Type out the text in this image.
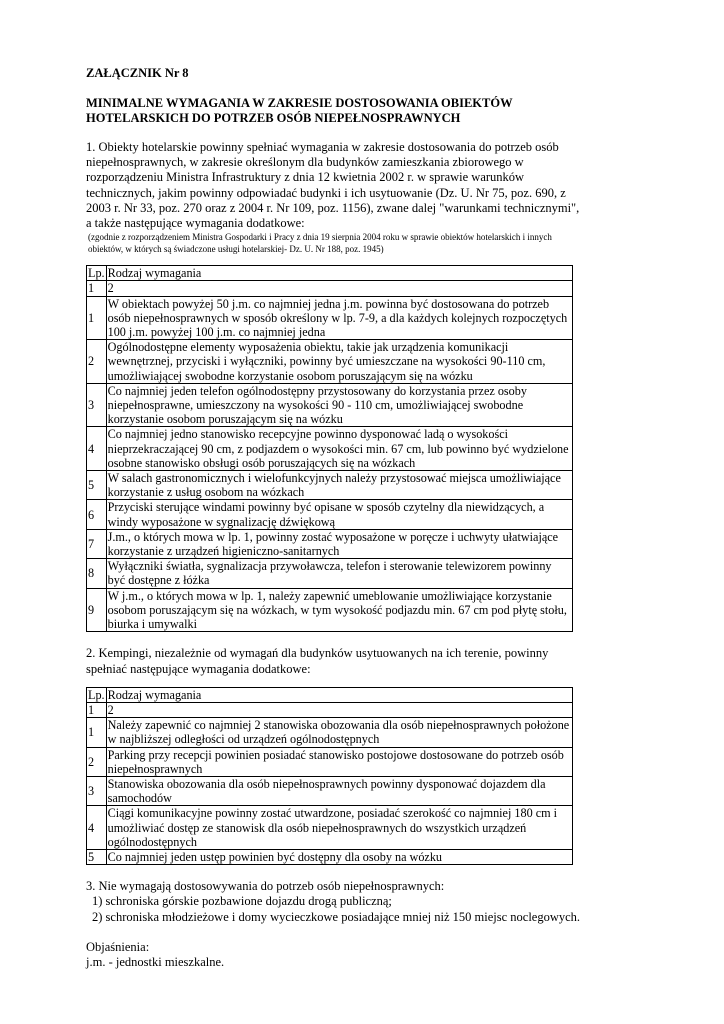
ZAŁĄCZNIK Nr 8

MINIMALNE WYMAGANIA W ZAKRESIE DOSTOSOWANIA OBIEKTÓW HOTELARSKICH DO POTRZEB OSÓB NIEPEŁNOSPRAWNYCH

1. Obiekty hotelarskie powinny spełniać wymagania w zakresie dostosowania do potrzeb osób niepełnosprawnych, w zakresie określonym dla budynków zamieszkania zbiorowego w rozporządzeniu Ministra Infrastruktury z dnia 12 kwietnia 2002 r. w sprawie warunków technicznych, jakim powinny odpowiadać budynki i ich usytuowanie (Dz. U. Nr 75, poz. 690, z 2003 r. Nr 33, poz. 270 oraz z 2004 r. Nr 109, poz. 1156), zwane dalej "warunkami technicznymi", a także następujące wymagania dodatkowe:

(zgodnie z rozporządzeniem Ministra Gospodarki i Pracy z dnia 19 sierpnia 2004 roku w sprawie obiektów hotelarskich i innych obiektów, w których są świadczone usługi hotelarskiej- Dz. U. Nr 188, poz. 1945)

Lp.	Rodzaj wymagania
1	2
1	W obiektach powyżej 50 j.m. co najmniej jedna j.m. powinna być dostosowana do potrzeb osób niepełnosprawnych w sposób określony w lp. 7-9, a dla każdych kolejnych rozpoczętych 100 j.m. powyżej 100 j.m. co najmniej jedna
2	Ogólnodostępne elementy wyposażenia obiektu, takie jak urządzenia komunikacji wewnętrznej, przyciski i wyłączniki, powinny być umieszczane na wysokości 90-110 cm, umożliwiającej swobodne korzystanie osobom poruszającym się na wózku
3	Co najmniej jeden telefon ogólnodostępny przystosowany do korzystania przez osoby niepełnosprawne, umieszczony na wysokości 90 - 110 cm, umożliwiającej swobodne korzystanie osobom poruszającym się na wózku
4	Co najmniej jedno stanowisko recepcyjne powinno dysponować ladą o wysokości nieprzekraczającej 90 cm, z podjazdem o wysokości min. 67 cm, lub powinno być wydzielone osobne stanowisko obsługi osób poruszających się na wózkach
5	W salach gastronomicznych i wielofunkcyjnych należy przystosować miejsca umożliwiające korzystanie z usług osobom na wózkach
6	Przyciski sterujące windami powinny być opisane w sposób czytelny dla niewidzących, a windy wyposażone w sygnalizację dźwiękową
7	J.m., o których mowa w lp. 1, powinny zostać wyposażone w poręcze i uchwyty ułatwiające korzystanie z urządzeń higieniczno-sanitarnych
8	Wyłączniki światła, sygnalizacja przywoławcza, telefon i sterowanie telewizorem powinny być dostępne z łóżka
9	W j.m., o których mowa w lp. 1, należy zapewnić umeblowanie umożliwiające korzystanie osobom poruszającym się na wózkach, w tym wysokość podjazdu min. 67 cm pod płytę stołu, biurka i umywalki

2. Kempingi, niezależnie od wymagań dla budynków usytuowanych na ich terenie, powinny spełniać następujące wymagania dodatkowe:

Lp.	Rodzaj wymagania
1	2
1	Należy zapewnić co najmniej 2 stanowiska obozowania dla osób niepełnosprawnych położone w najbliższej odległości od urządzeń ogólnodostępnych
2	Parking przy recepcji powinien posiadać stanowisko postojowe dostosowane do potrzeb osób niepełnosprawnych
3	Stanowiska obozowania dla osób niepełnosprawnych powinny dysponować dojazdem dla samochodów
4	Ciągi komunikacyjne powinny zostać utwardzone, posiadać szerokość co najmniej 180 cm i umożliwiać dostęp ze stanowisk dla osób niepełnosprawnych do wszystkich urządzeń ogólnodostępnych
5	Co najmniej jeden ustęp powinien być dostępny dla osoby na wózku

3. Nie wymagają dostosowywania do potrzeb osób niepełnosprawnych:

1) schroniska górskie pozbawione dojazdu drogą publiczną;
2) schroniska młodzieżowe i domy wycieczkowe posiadające mniej niż 150 miejsc noclegowych.

Objaśnienia:

j.m. - jednostki mieszkalne.
